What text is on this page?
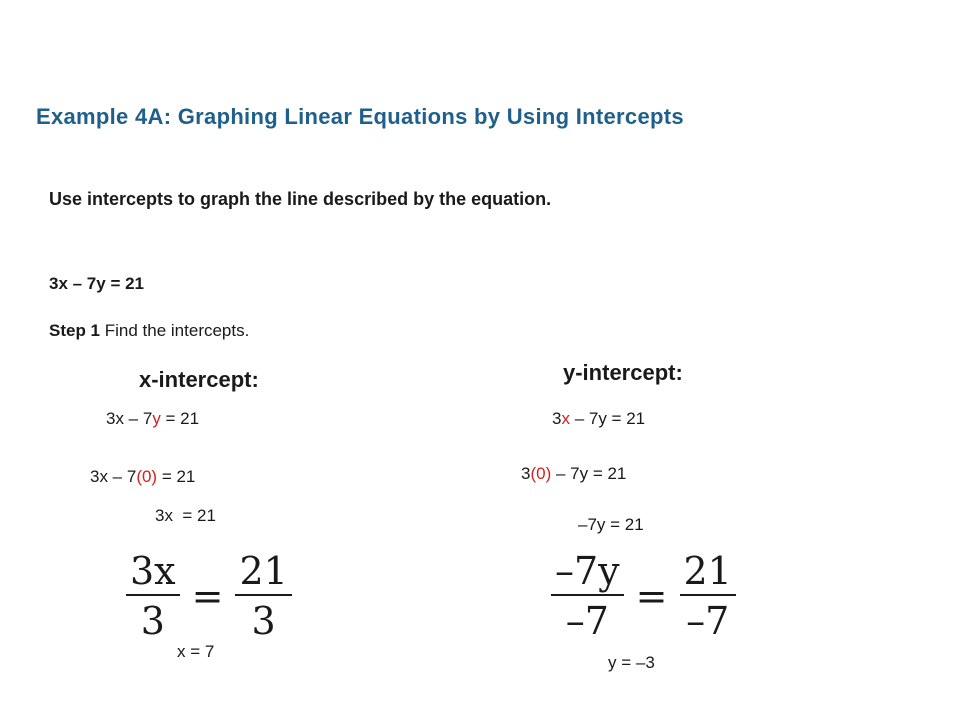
Example 4A: Graphing Linear Equations by Using Intercepts
Use intercepts to graph the line described by the equation.
3x – 7y = 21
Step 1 Find the intercepts.
x-intercept:
3x – 7y = 21
3x – 7(0) = 21
3x  = 21
$\frac{3x}{3} = \frac{21}{3}$
x = 7
y-intercept:
3x – 7y = 21
3(0) – 7y = 21
–7y = 21
$\frac{-7y}{-7} = \frac{21}{-7}$
y = –3
